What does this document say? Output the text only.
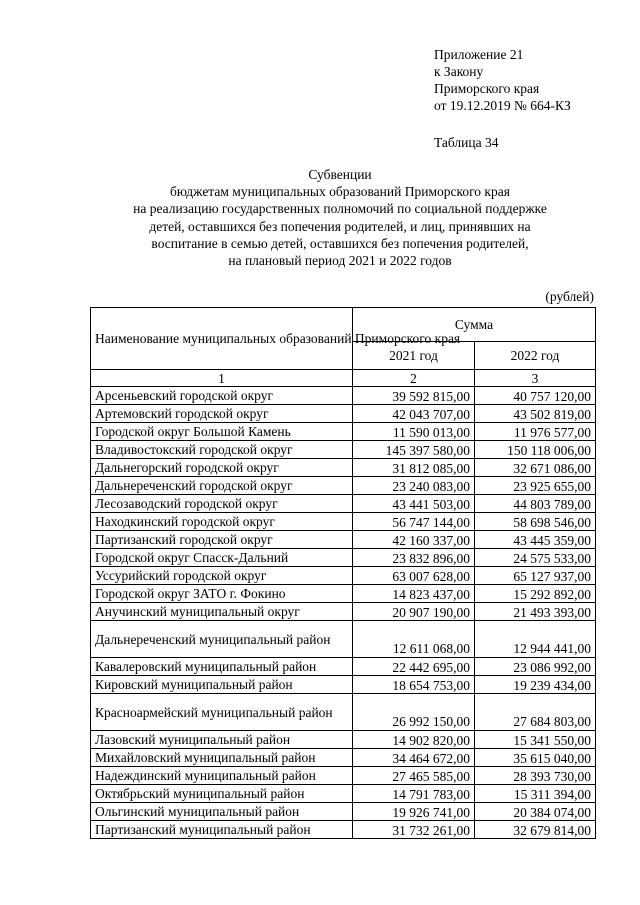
Приложение 21
к Закону
Приморского края
от 19.12.2019 № 664-КЗ
Таблица 34
Субвенции
бюджетам муниципальных образований Приморского края
на реализацию государственных полномочий по социальной поддержке
детей, оставшихся без попечения родителей, и лиц, принявших на
воспитание в семью детей, оставшихся без попечения родителей,
на плановый период 2021 и 2022 годов
(рублей)
Наименование муниципальных образований Приморского края	Сумма	
	2021 год	2022 год
1	2	3
Арсеньевский городской округ	39 592 815,00	40 757 120,00
Артемовский городской округ	42 043 707,00	43 502 819,00
Городской округ Большой Камень	11 590 013,00	11 976 577,00
Владивостокский городской округ	145 397 580,00	150 118 006,00
Дальнегорский городской округ	31 812 085,00	32 671 086,00
Дальнереченский городской округ	23 240 083,00	23 925 655,00
Лесозаводский городской округ	43 441 503,00	44 803 789,00
Находкинский городской округ	56 747 144,00	58 698 546,00
Партизанский городской округ	42 160 337,00	43 445 359,00
Городской округ Спасск-Дальний	23 832 896,00	24 575 533,00
Уссурийский городской округ	63 007 628,00	65 127 937,00
Городской округ ЗАТО г. Фокино	14 823 437,00	15 292 892,00
Анучинский муниципальный округ	20 907 190,00	21 493 393,00
Дальнереченский муниципальный район	12 611 068,00	12 944 441,00
Кавалеровский муниципальный район	22 442 695,00	23 086 992,00
Кировский муниципальный район	18 654 753,00	19 239 434,00
Красноармейский муниципальный район	26 992 150,00	27 684 803,00
Лазовский муниципальный район	14 902 820,00	15 341 550,00
Михайловский муниципальный район	34 464 672,00	35 615 040,00
Надеждинский муниципальный район	27 465 585,00	28 393 730,00
Октябрьский муниципальный район	14 791 783,00	15 311 394,00
Ольгинский муниципальный район	19 926 741,00	20 384 074,00
Партизанский муниципальный район	31 732 261,00	32 679 814,00
